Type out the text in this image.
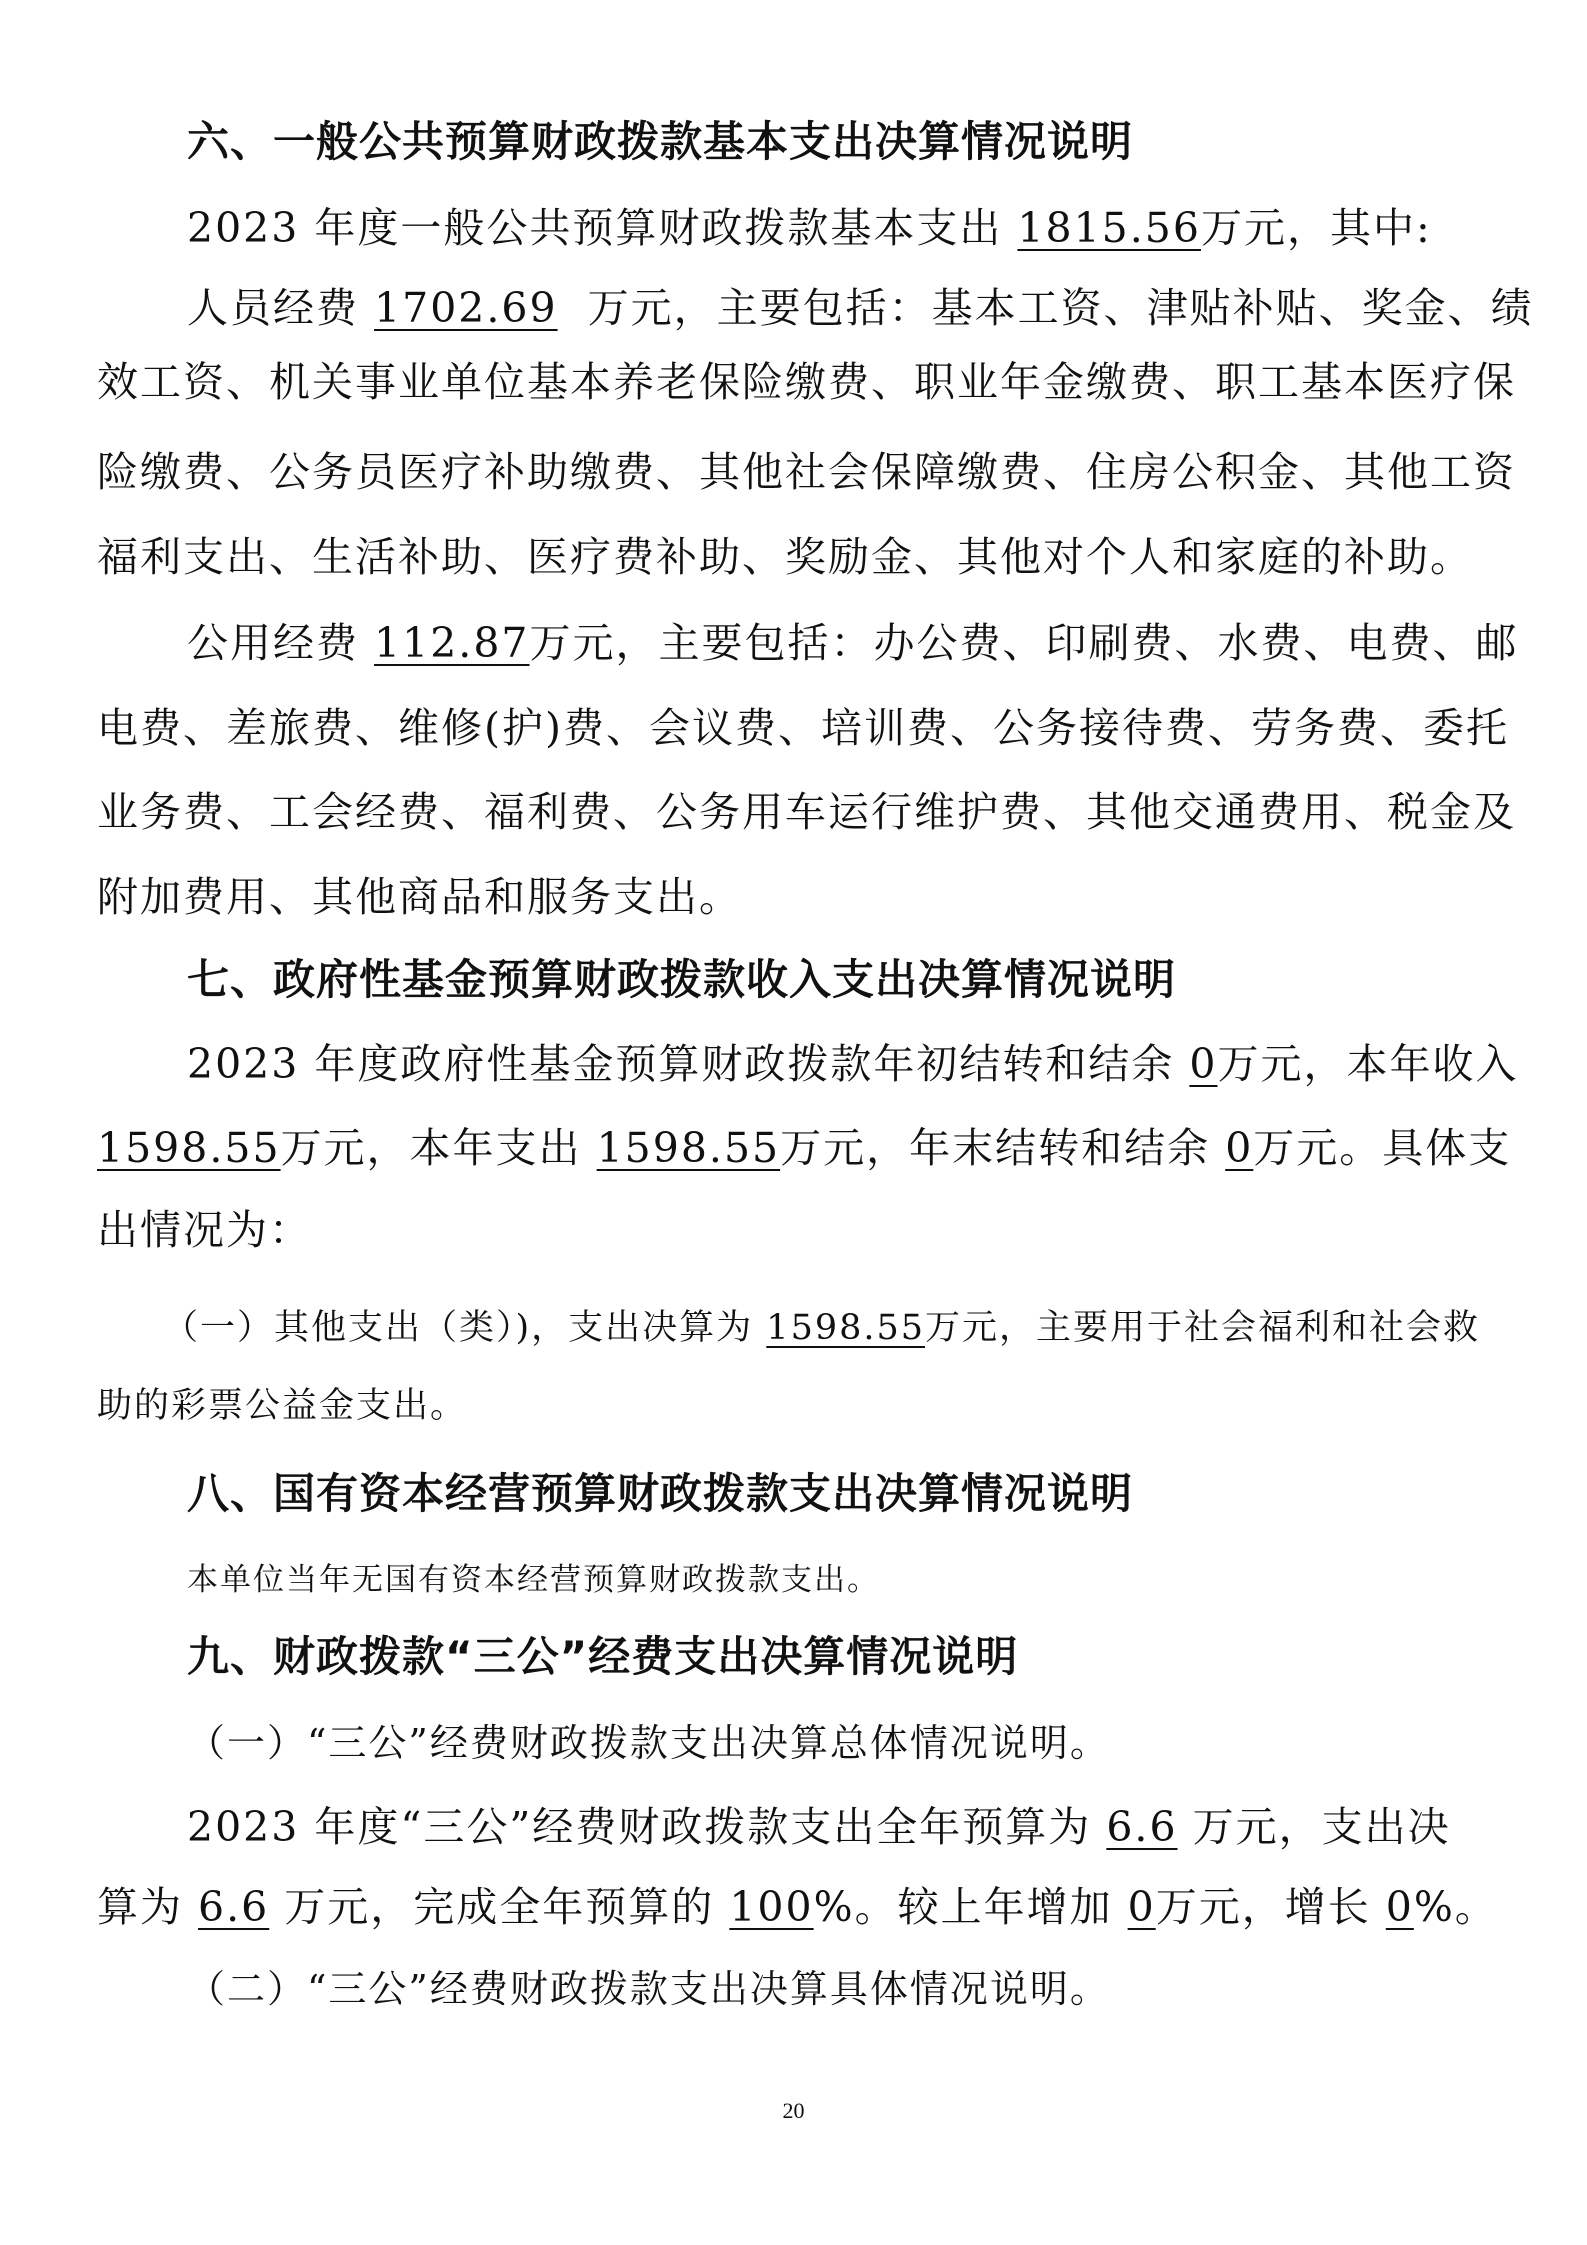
六、一般公共预算财政拨款基本支出决算情况说明
2023 年度一般公共预算财政拨款基本支出 1815.56万元，其中:
人员经费 1702.69 万元，主要包括：基本工资、津贴补贴、奖金、绩
效工资、机关事业单位基本养老保险缴费、职业年金缴费、职工基本医疗保
险缴费、公务员医疗补助缴费、其他社会保障缴费、住房公积金、其他工资
福利支出、生活补助、医疗费补助、奖励金、其他对个人和家庭的补助。
公用经费 112.87万元，主要包括：办公费、印刷费、水费、电费、邮
电费、差旅费、维修(护)费、会议费、培训费、公务接待费、劳务费、委托
业务费、工会经费、福利费、公务用车运行维护费、其他交通费用、税金及
附加费用、其他商品和服务支出。
七、政府性基金预算财政拨款收入支出决算情况说明
2023 年度政府性基金预算财政拨款年初结转和结余 0万元，本年收入
1598.55万元，本年支出 1598.55万元，年末结转和结余 0万元。具体支
出情况为：
（一）其他支出（类）)，支出决算为 1598.55万元，主要用于社会福利和社会救
助的彩票公益金支出。
八、国有资本经营预算财政拨款支出决算情况说明
本单位当年无国有资本经营预算财政拨款支出。
九、财政拨款“三公”经费支出决算情况说明
（一）“三公”经费财政拨款支出决算总体情况说明。
2023 年度“三公”经费财政拨款支出全年预算为 6.6 万元，支出决
算为 6.6 万元，完成全年预算的 100%。较上年增加 0万元，增长 0%。
（二）“三公”经费财政拨款支出决算具体情况说明。
20
